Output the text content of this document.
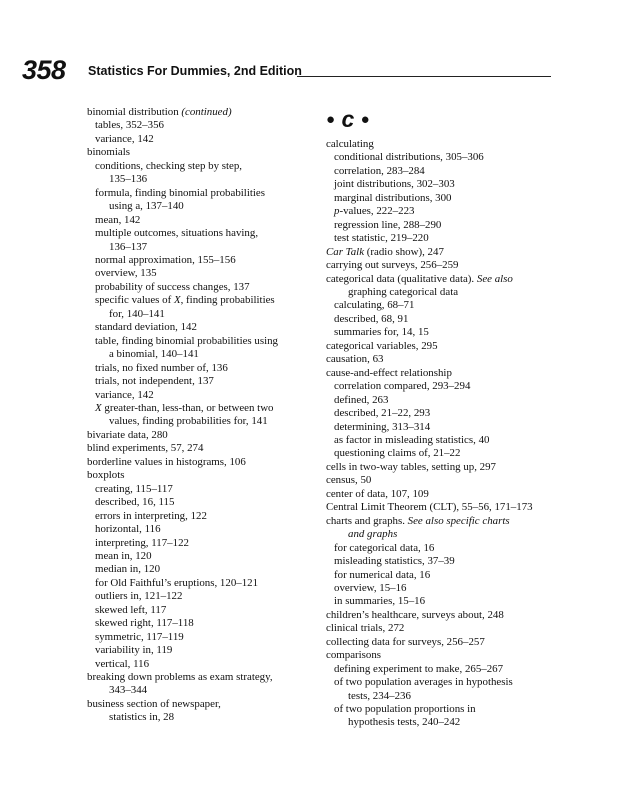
358 Statistics For Dummies, 2nd Edition
binomial distribution (continued)
tables, 352–356
variance, 142
binomials
conditions, checking step by step,
135–136
formula, finding binomial probabilities
using a, 137–140
mean, 142
multiple outcomes, situations having,
136–137
normal approximation, 155–156
overview, 135
probability of success changes, 137
specific values of X, finding probabilities
for, 140–141
standard deviation, 142
table, finding binomial probabilities using
a binomial, 140–141
trials, no fixed number of, 136
trials, not independent, 137
variance, 142
X greater-than, less-than, or between two
values, finding probabilities for, 141
bivariate data, 280
blind experiments, 57, 274
borderline values in histograms, 106
boxplots
creating, 115–117
described, 16, 115
errors in interpreting, 122
horizontal, 116
interpreting, 117–122
mean in, 120
median in, 120
for Old Faithful’s eruptions, 120–121
outliers in, 121–122
skewed left, 117
skewed right, 117–118
symmetric, 117–119
variability in, 119
vertical, 116
breaking down problems as exam strategy,
343–344
business section of newspaper,
statistics in, 28
● c ●
calculating
conditional distributions, 305–306
correlation, 283–284
joint distributions, 302–303
marginal distributions, 300
p-values, 222–223
regression line, 288–290
test statistic, 219–220
Car Talk (radio show), 247
carrying out surveys, 256–259
categorical data (qualitative data). See also
graphing categorical data
calculating, 68–71
described, 68, 91
summaries for, 14, 15
categorical variables, 295
causation, 63
cause-and-effect relationship
correlation compared, 293–294
defined, 263
described, 21–22, 293
determining, 313–314
as factor in misleading statistics, 40
questioning claims of, 21–22
cells in two-way tables, setting up, 297
census, 50
center of data, 107, 109
Central Limit Theorem (CLT), 55–56, 171–173
charts and graphs. See also specific charts
and graphs
for categorical data, 16
misleading statistics, 37–39
for numerical data, 16
overview, 15–16
in summaries, 15–16
children’s healthcare, surveys about, 248
clinical trials, 272
collecting data for surveys, 256–257
comparisons
defining experiment to make, 265–267
of two population averages in hypothesis
tests, 234–236
of two population proportions in
hypothesis tests, 240–242
